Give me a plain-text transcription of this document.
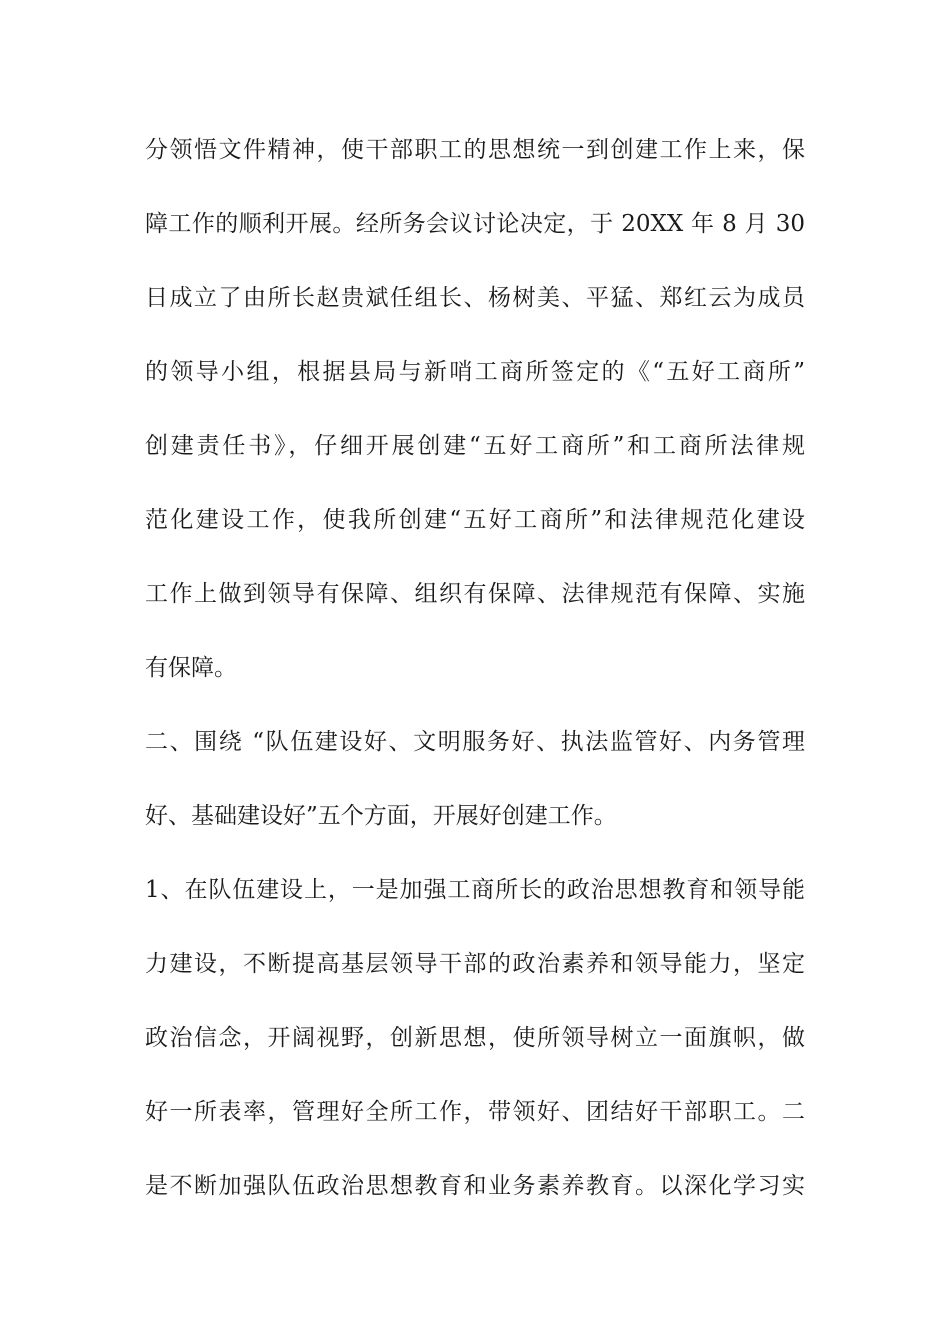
分领悟文件精神，使干部职工的思想统一到创建工作上来，保
障工作的顺利开展。经所务会议讨论决定，于 20XX 年 8 月 30
日成立了由所长赵贵斌任组长、杨树美、平猛、郑红云为成员
的领导小组，根据县局与新哨工商所签定的《“五好工商所”
创建责任书》，仔细开展创建“五好工商所”和工商所法律规
范化建设工作，使我所创建“五好工商所”和法律规范化建设
工作上做到领导有保障、组织有保障、法律规范有保障、实施
有保障。
二、围绕 “队伍建设好、文明服务好、执法监管好、内务管理
好、基础建设好”五个方面，开展好创建工作。
1、在队伍建设上，一是加强工商所长的政治思想教育和领导能
力建设，不断提高基层领导干部的政治素养和领导能力，坚定
政治信念，开阔视野，创新思想，使所领导树立一面旗帜，做
好一所表率，管理好全所工作，带领好、团结好干部职工。二
是不断加强队伍政治思想教育和业务素养教育。以深化学习实
